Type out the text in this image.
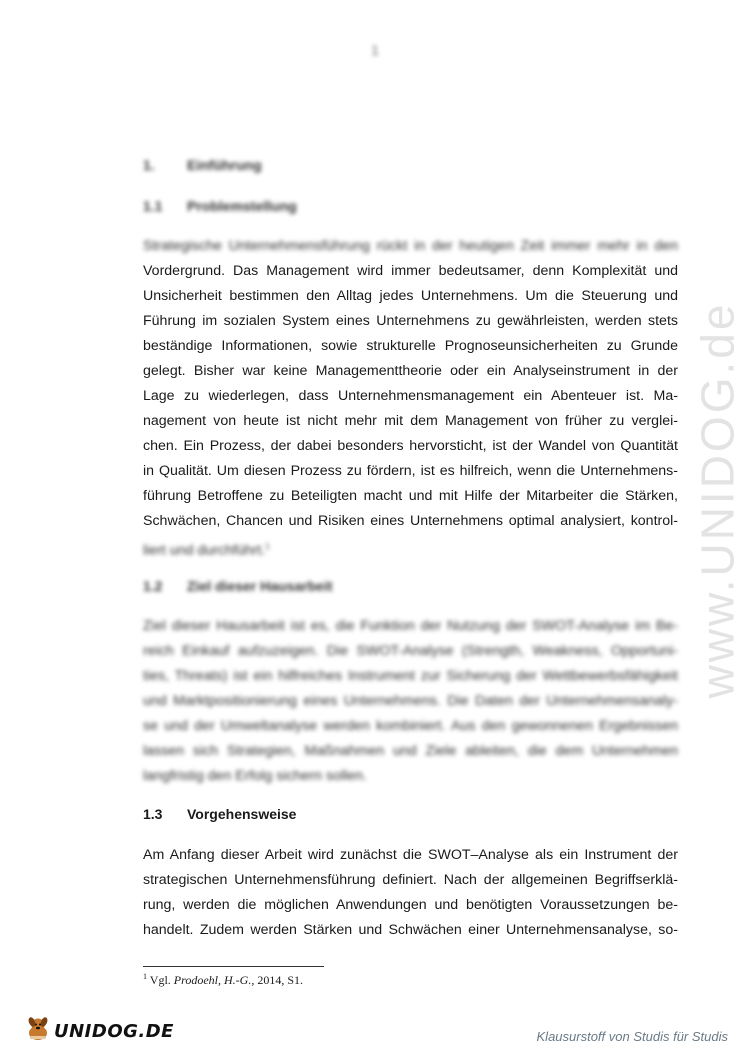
1
www.UNIDOG.de
1.	Einführung
1.1	Problemstellung
Strategische Unternehmensführung rückt in der heutigen Zeit immer mehr in den
Vordergrund. Das Management wird immer bedeutsamer, denn Komplexität und
Unsicherheit bestimmen den Alltag jedes Unternehmens. Um die Steuerung und
Führung im sozialen System eines Unternehmens zu gewährleisten, werden stets
beständige Informationen, sowie strukturelle Prognoseunsicherheiten zu Grunde
gelegt. Bisher war keine Managementtheorie oder ein Analyseinstrument in der
Lage zu wiederlegen, dass Unternehmensmanagement ein Abenteuer ist. Ma-
nagement von heute ist nicht mehr mit dem Management von früher zu verglei-
chen. Ein Prozess, der dabei besonders hervorsticht, ist der Wandel von Quantität
in Qualität. Um diesen Prozess zu fördern, ist es hilfreich, wenn die Unternehmens-
führung Betroffene zu Beteiligten macht und mit Hilfe der Mitarbeiter die Stärken,
Schwächen, Chancen und Risiken eines Unternehmens optimal analysiert, kontrol-
liert und durchführt.$^1$
1.2	Ziel dieser Hausarbeit
Ziel dieser Hausarbeit ist es, die Funktion der Nutzung der SWOT-Analyse im Be-
reich Einkauf aufzuzeigen. Die SWOT-Analyse (Strength, Weakness, Opportuni-
ties, Threats) ist ein hilfreiches Instrument zur Sicherung der Wettbewerbsfähigkeit
und Marktpositionierung eines Unternehmens. Die Daten der Unternehmensanaly-
se und der Umweltanalyse werden kombiniert. Aus den gewonnenen Ergebnissen
lassen sich Strategien, Maßnahmen und Ziele ableiten, die dem Unternehmen
langfristig den Erfolg sichern sollen.
1.3	Vorgehensweise
Am Anfang dieser Arbeit wird zunächst die SWOT–Analyse als ein Instrument der
strategischen Unternehmensführung definiert. Nach der allgemeinen Begriffserklä-
rung, werden die möglichen Anwendungen und benötigten Voraussetzungen be-
handelt. Zudem werden Stärken und Schwächen einer Unternehmensanalyse, so-
$^1$ Vgl. Prodoehl, H.-G., 2014, S1.
UNIDOG.DE	Klausurstoff von Studis für Studis
